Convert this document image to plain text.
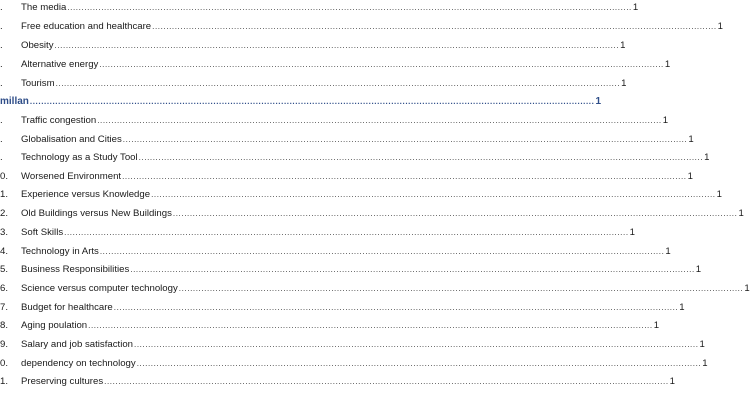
.	The media ........................................................................................................................................................................................................ 1
.	Free education and healthcare ........................................................................................................................................................................................................ 1
.	Obesity ........................................................................................................................................................................................................ 1
.	Alternative energy ........................................................................................................................................................................................................ 1
.	Tourism ........................................................................................................................................................................................................ 1
millan ........................................................................................................................................................................................................ 1
.	Traffic congestion ........................................................................................................................................................................................................ 1
.	Globalisation and Cities ........................................................................................................................................................................................................ 1
.	Technology as a Study Tool ........................................................................................................................................................................................................ 1
0.	Worsened Environment ........................................................................................................................................................................................................ 1
1.	Experience versus Knowledge ........................................................................................................................................................................................................ 1
2.	Old Buildings versus New Buildings ........................................................................................................................................................................................................ 1
3.	Soft Skills ........................................................................................................................................................................................................ 1
4.	Technology in Arts ........................................................................................................................................................................................................ 1
5.	Business Responsibilities ........................................................................................................................................................................................................ 1
6.	Science versus computer technology ........................................................................................................................................................................................................ 1
7.	Budget for healthcare ........................................................................................................................................................................................................ 1
8.	Aging poulation ........................................................................................................................................................................................................ 1
9.	Salary and job satisfaction ........................................................................................................................................................................................................ 1
0.	dependency on technology ........................................................................................................................................................................................................ 1
1.	Preserving cultures ........................................................................................................................................................................................................ 1
